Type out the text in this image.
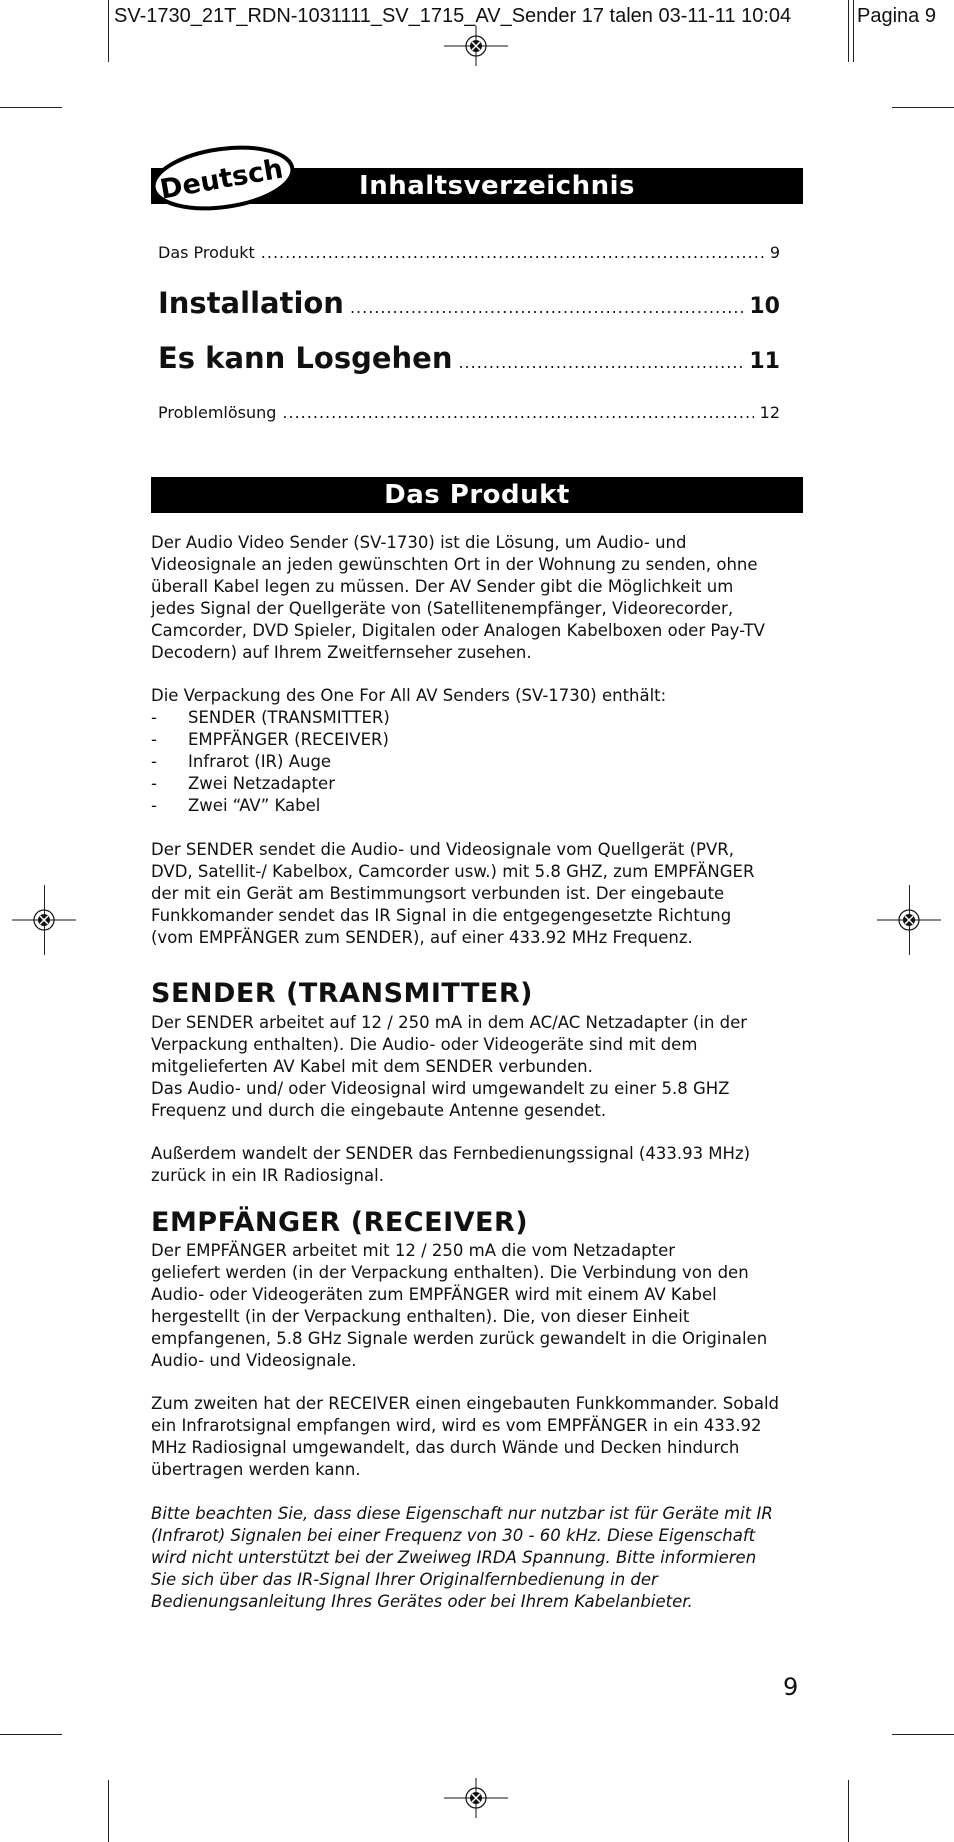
SV-1730_21T_RDN-1031111_SV_1715_AV_Sender 17 talen 03-11-11 10:04	Pagina 9
Inhaltsverzeichnis
Deutsch
Das Produkt .....	9
Installation .....	10
Es kann Losgehen .....	11
Problemlösung .....	12
Das Produkt
Der Audio Video Sender (SV-1730) ist die Lösung, um Audio- und
Videosignale an jeden gewünschten Ort in der Wohnung zu senden, ohne
überall Kabel legen zu müssen. Der AV Sender gibt die Möglichkeit um
jedes Signal der Quellgeräte von (Satellitenempfänger, Videorecorder,
Camcorder, DVD Spieler, Digitalen oder Analogen Kabelboxen oder Pay-TV
Decodern) auf Ihrem Zweitfernseher zusehen.
Die Verpackung des One For All AV Senders (SV-1730) enthält:
- SENDER (TRANSMITTER)
- EMPFÄNGER (RECEIVER)
- Infrarot (IR) Auge
- Zwei Netzadapter
- Zwei “AV” Kabel
Der SENDER sendet die Audio- und Videosignale vom Quellgerät (PVR,
DVD, Satellit-/ Kabelbox, Camcorder usw.) mit 5.8 GHZ, zum EMPFÄNGER
der mit ein Gerät am Bestimmungsort verbunden ist. Der eingebaute
Funkkomander sendet das IR Signal in die entgegengesetzte Richtung
(vom EMPFÄNGER zum SENDER), auf einer 433.92 MHz Frequenz.
SENDER (TRANSMITTER)
Der SENDER arbeitet auf 12 / 250 mA in dem AC/AC Netzadapter (in der
Verpackung enthalten). Die Audio- oder Videogeräte sind mit dem
mitgelieferten AV Kabel mit dem SENDER verbunden.
Das Audio- und/ oder Videosignal wird umgewandelt zu einer 5.8 GHZ
Frequenz und durch die eingebaute Antenne gesendet.
Außerdem wandelt der SENDER das Fernbedienungssignal (433.93 MHz)
zurück in ein IR Radiosignal.
EMPFÄNGER (RECEIVER)
Der EMPFÄNGER arbeitet mit 12 / 250 mA die vom Netzadapter
geliefert werden (in der Verpackung enthalten). Die Verbindung von den
Audio- oder Videogeräten zum EMPFÄNGER wird mit einem AV Kabel
hergestellt (in der Verpackung enthalten). Die, von dieser Einheit
empfangenen, 5.8 GHz Signale werden zurück gewandelt in die Originalen
Audio- und Videosignale.
Zum zweiten hat der RECEIVER einen eingebauten Funkkommander. Sobald
ein Infrarotsignal empfangen wird, wird es vom EMPFÄNGER in ein 433.92
MHz Radiosignal umgewandelt, das durch Wände und Decken hindurch
übertragen werden kann.
Bitte beachten Sie, dass diese Eigenschaft nur nutzbar ist für Geräte mit IR
(Infrarot) Signalen bei einer Frequenz von 30 - 60 kHz. Diese Eigenschaft
wird nicht unterstützt bei der Zweiweg IRDA Spannung. Bitte informieren
Sie sich über das IR-Signal Ihrer Originalfernbedienung in der
Bedienungsanleitung Ihres Gerätes oder bei Ihrem Kabelanbieter.
9
